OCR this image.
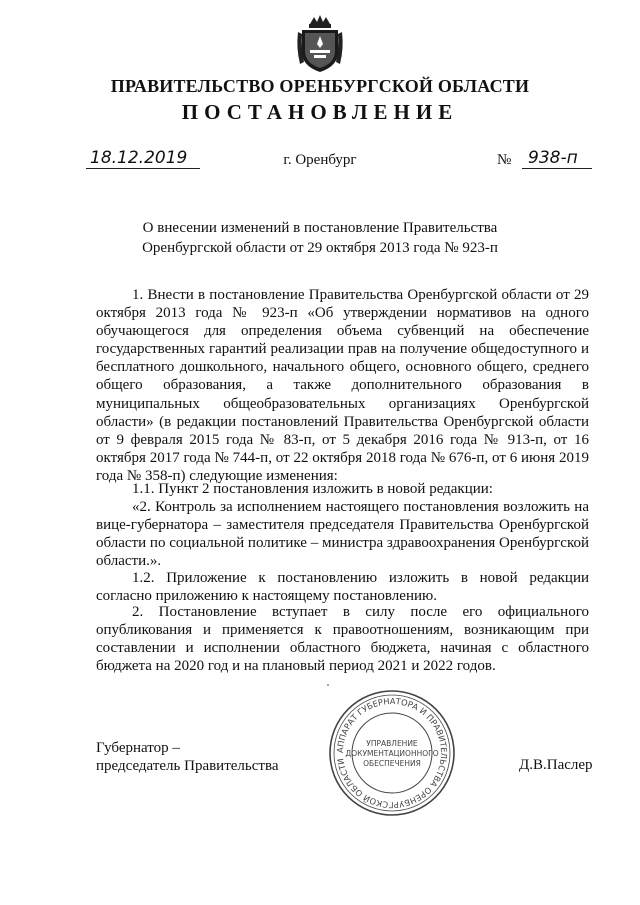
ПРАВИТЕЛЬСТВО ОРЕНБУРГСКОЙ ОБЛАСТИ
ПОСТАНОВЛЕНИЕ
18.12.2019	г. Оренбург	№ 938-п
О внесении изменений в постановление Правительства Оренбургской области от 29 октября 2013 года № 923-п

1. Внести в постановление Правительства Оренбургской области от 29 октября 2013 года № 923-п «Об утверждении нормативов на одного обучающегося для определения объема субвенций на обеспечение государственных гарантий реализации прав на получение общедоступного и бесплатного дошкольного, начального общего, основного общего, среднего общего образования, а также дополнительного образования в муниципальных общеобразовательных организациях Оренбургской области» (в редакции постановлений Правительства Оренбургской области от 9 февраля 2015 года № 83-п, от 5 декабря 2016 года № 913-п, от 16 октября 2017 года № 744-п, от 22 октября 2018 года № 676-п, от 6 июня 2019 года № 358-п) следующие изменения:

1.1. Пункт 2 постановления изложить в новой редакции:

«2. Контроль за исполнением настоящего постановления возложить на вице-губернатора – заместителя председателя Правительства Оренбургской области по социальной политике – министра здравоохранения Оренбургской области.».

1.2. Приложение к постановлению изложить в новой редакции согласно приложению к настоящему постановлению.

2. Постановление вступает в силу после его официального опубликования и применяется к правоотношениям, возникающим при составлении и исполнении областного бюджета, начиная с областного бюджета на 2020 год и на плановый период 2021 и 2022 годов.

АППАРАТ ГУБЕРНАТОРА И ПРАВИТЕЛЬСТВА ОРЕНБУРГСКОЙ ОБЛАСТИ
УПРАВЛЕНИЕ
ДОКУМЕНТАЦИОННОГО
ОБЕСПЕЧЕНИЯ
Губернатор –
председатель Правительства	Д.В.Паслер
